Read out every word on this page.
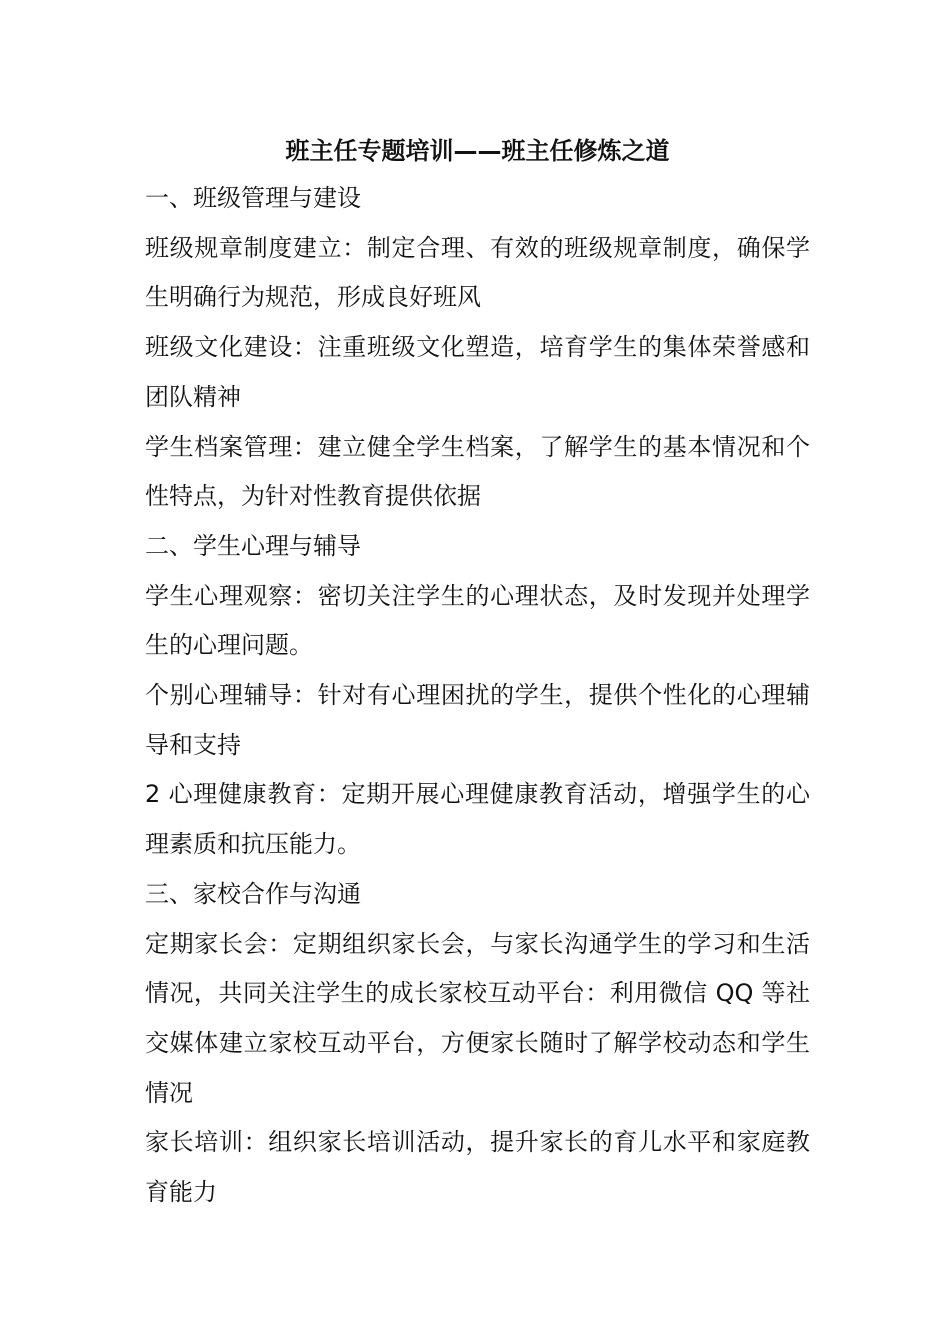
班主任专题培训——班主任修炼之道

一、班级管理与建设

班级规章制度建立：制定合理、有效的班级规章制度，确保学生明确行为规范，形成良好班风

班级文化建设：注重班级文化塑造，培育学生的集体荣誉感和团队精神

学生档案管理：建立健全学生档案，了解学生的基本情况和个性特点，为针对性教育提供依据

二、学生心理与辅导

学生心理观察：密切关注学生的心理状态，及时发现并处理学生的心理问题。

个别心理辅导：针对有心理困扰的学生，提供个性化的心理辅导和支持

2 心理健康教育：定期开展心理健康教育活动，增强学生的心理素质和抗压能力。

三、家校合作与沟通

定期家长会：定期组织家长会，与家长沟通学生的学习和生活情况，共同关注学生的成长家校互动平台：利用微信 QQ 等社交媒体建立家校互动平台，方便家长随时了解学校动态和学生情况

家长培训：组织家长培训活动，提升家长的育儿水平和家庭教育能力
